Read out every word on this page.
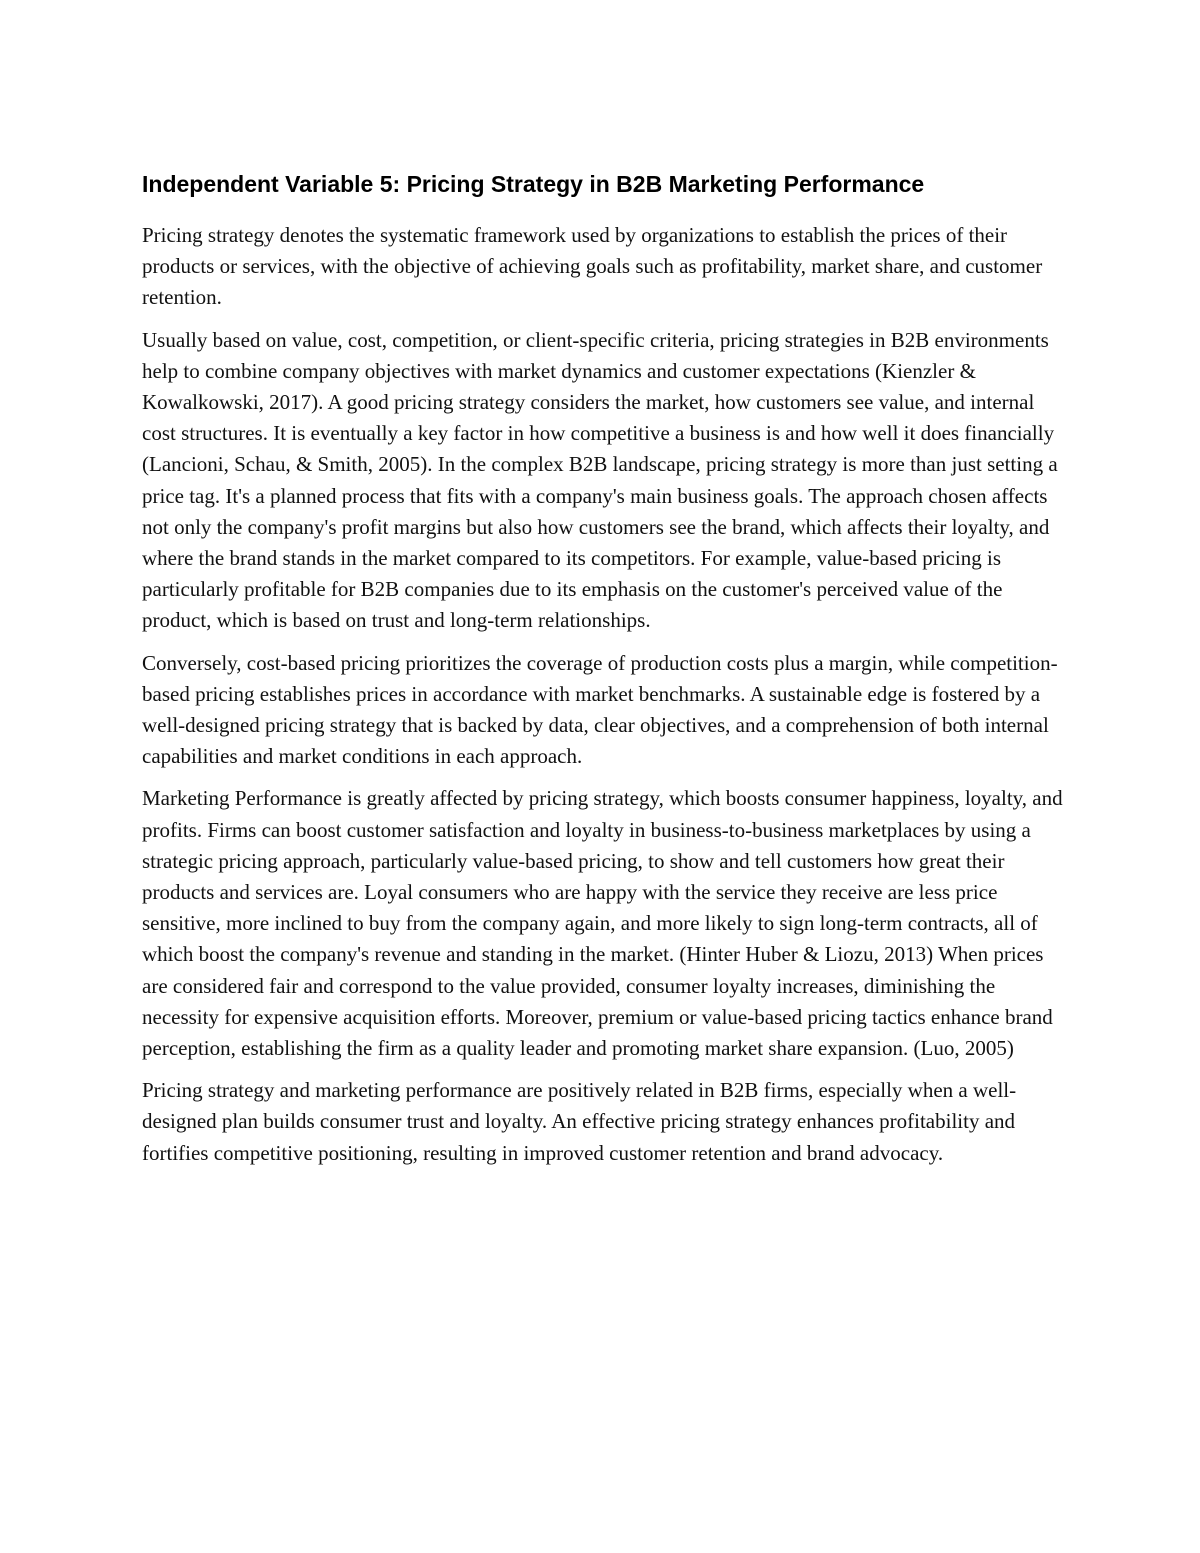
Independent Variable 5: Pricing Strategy in B2B Marketing Performance

Pricing strategy denotes the systematic framework used by organizations to establish the prices of their products or services, with the objective of achieving goals such as profitability, market share, and customer retention.

Usually based on value, cost, competition, or client-specific criteria, pricing strategies in B2B environments help to combine company objectives with market dynamics and customer expectations (Kienzler & Kowalkowski, 2017). A good pricing strategy considers the market, how customers see value, and internal cost structures. It is eventually a key factor in how competitive a business is and how well it does financially (Lancioni, Schau, & Smith, 2005). In the complex B2B landscape, pricing strategy is more than just setting a price tag. It's a planned process that fits with a company's main business goals. The approach chosen affects not only the company's profit margins but also how customers see the brand, which affects their loyalty, and where the brand stands in the market compared to its competitors. For example, value-based pricing is particularly profitable for B2B companies due to its emphasis on the customer's perceived value of the product, which is based on trust and long-term relationships.

Conversely, cost-based pricing prioritizes the coverage of production costs plus a margin, while competition-based pricing establishes prices in accordance with market benchmarks. A sustainable edge is fostered by a well-designed pricing strategy that is backed by data, clear objectives, and a comprehension of both internal capabilities and market conditions in each approach.

Marketing Performance is greatly affected by pricing strategy, which boosts consumer happiness, loyalty, and profits. Firms can boost customer satisfaction and loyalty in business-to-business marketplaces by using a strategic pricing approach, particularly value-based pricing, to show and tell customers how great their products and services are. Loyal consumers who are happy with the service they receive are less price sensitive, more inclined to buy from the company again, and more likely to sign long-term contracts, all of which boost the company's revenue and standing in the market. (Hinter Huber & Liozu, 2013) When prices are considered fair and correspond to the value provided, consumer loyalty increases, diminishing the necessity for expensive acquisition efforts. Moreover, premium or value-based pricing tactics enhance brand perception, establishing the firm as a quality leader and promoting market share expansion. (Luo, 2005)

Pricing strategy and marketing performance are positively related in B2B firms, especially when a well-designed plan builds consumer trust and loyalty. An effective pricing strategy enhances profitability and fortifies competitive positioning, resulting in improved customer retention and brand advocacy.
